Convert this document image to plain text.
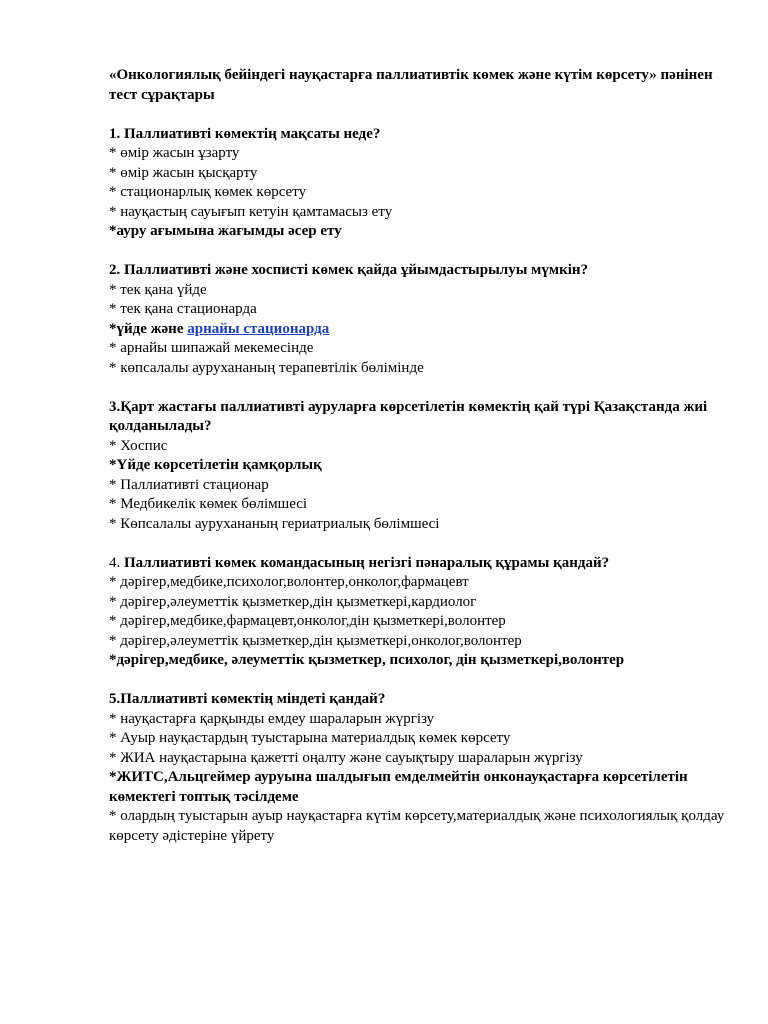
«Онкологиялық бейіндегі науқастарға паллиативтік көмек және күтім көрсету» пәнінен тест сұрақтары
1. Паллиативті көмектің мақсаты неде?
* өмір жасын ұзарту
* өмір жасын қысқарту
* стационарлық көмек көрсету
* науқастың сауығып кетуін қамтамасыз ету
*ауру ағымына жағымды әсер ету
2. Паллиативті және хосписті көмек қайда ұйымдастырылуы мүмкін?
* тек қана үйде
* тек қана стационарда
*үйде және арнайы стационарда
* арнайы шипажай мекемесінде
* көпсалалы аурухананың терапевтілік бөлімінде
3.Қарт жастағы паллиативті ауруларға көрсетілетін көмектің қай түрі Қазақстанда жиі қолданылады?
* Хоспис
*Үйде көрсетілетін қамқорлық
* Паллиативті стационар
* Медбикелік көмек бөлімшесі
* Көпсалалы аурухананың гериатриалық бөлімшесі
4. Паллиативті көмек командасының негізгі пәнаралық құрамы қандай?
* дәрігер,медбике,психолог,волонтер,онколог,фармацевт
* дәрігер,әлеуметтік қызметкер,дін қызметкері,кардиолог
* дәрігер,медбике,фармацевт,онколог,дін қызметкері,волонтер
* дәрігер,әлеуметтік қызметкер,дін қызметкері,онколог,волонтер
*дәрігер,медбике, әлеуметтік қызметкер, психолог, дін қызметкері,волонтер
5.Паллиативті көмектің міндеті қандай?
* науқастарға қарқынды емдеу шараларын жүргізу
* Ауыр науқастардың туыстарына материалдық көмек көрсету
* ЖИА науқастарына қажетті оңалту және сауықтыру шараларын жүргізу
*ЖИТС,Альцгеймер ауруына шалдығып емделмейтін онконауқастарға көрсетілетін көмектегі топтық тәсілдеме
* олардың туыстарын ауыр науқастарға күтім көрсету,материалдық және психологиялық қолдау көрсету әдістеріне үйрету
